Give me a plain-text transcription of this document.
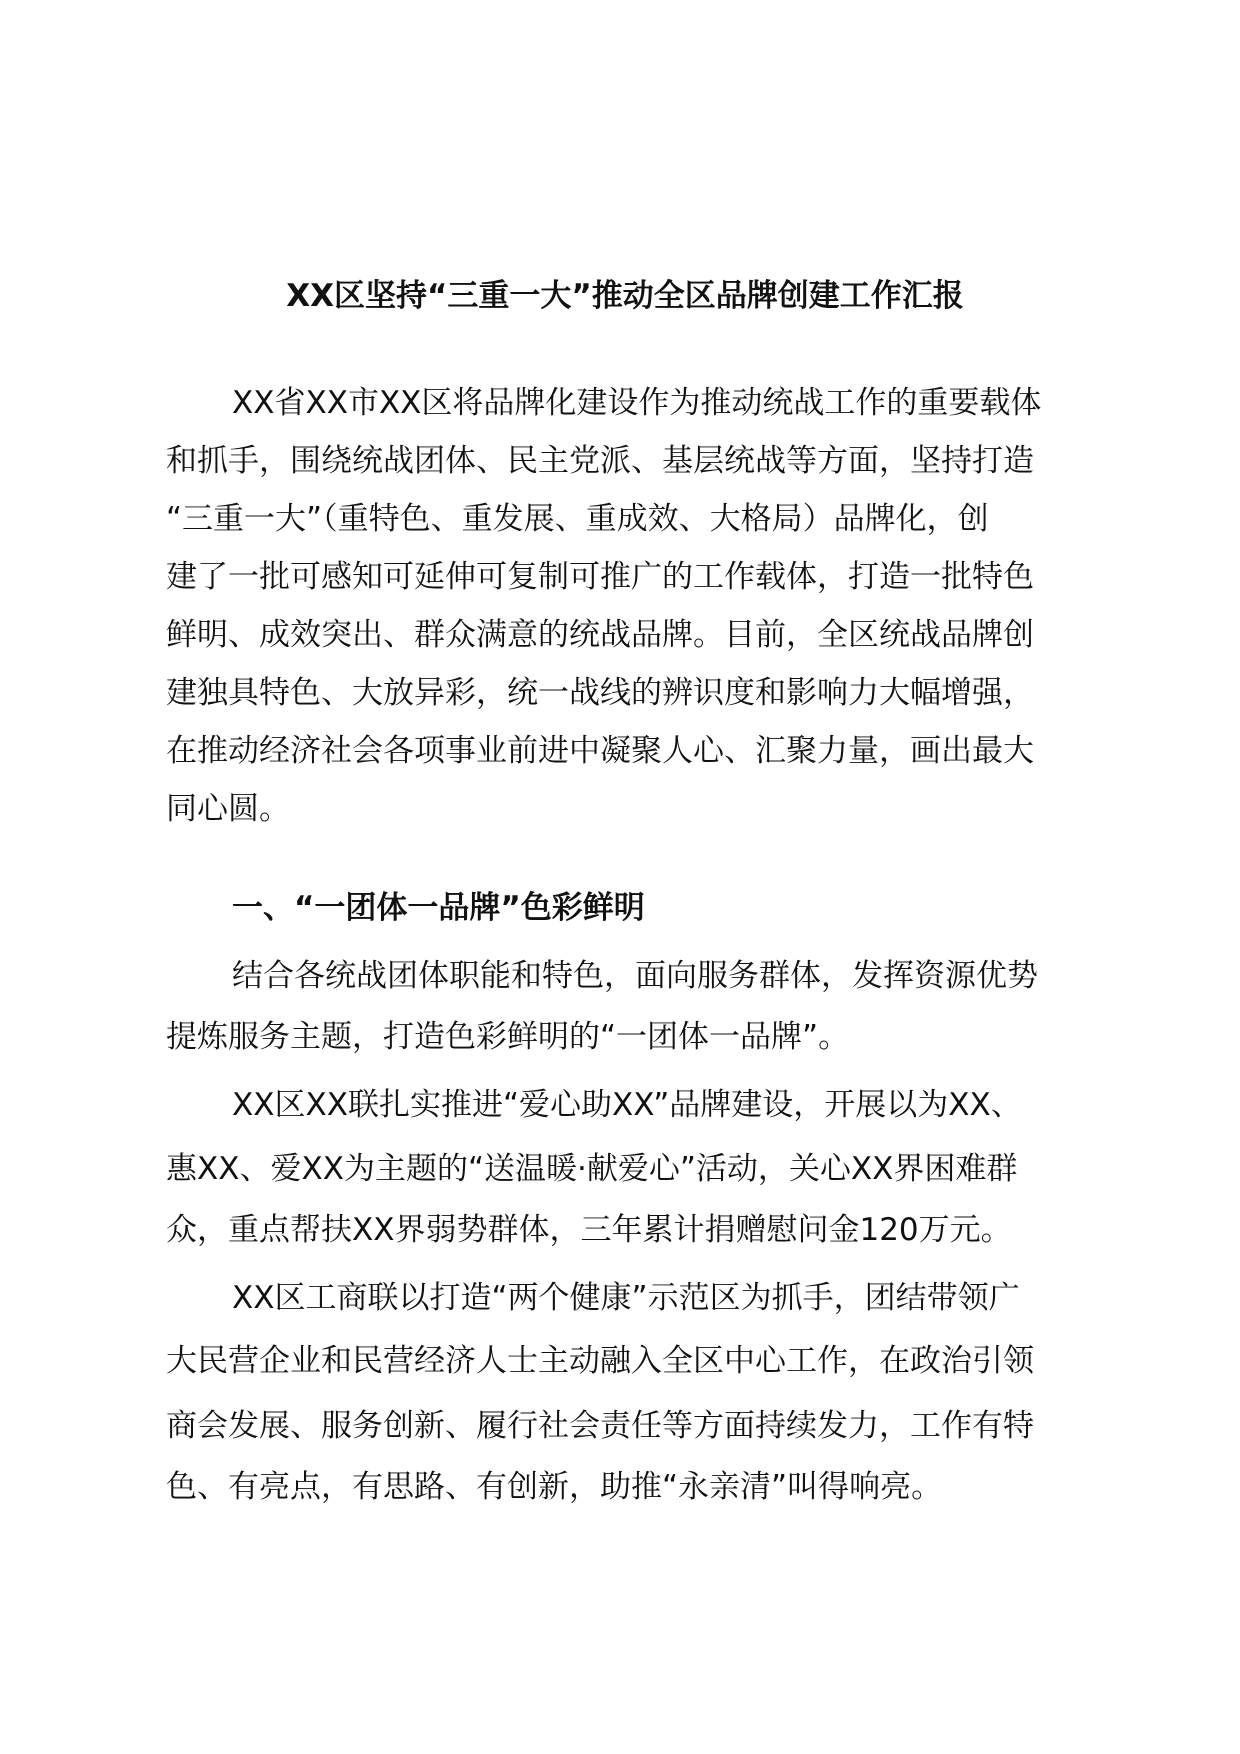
XX区坚持“三重一大”推动全区品牌创建工作汇报

XX省XX市XX区将品牌化建设作为推动统战工作的重要载体

和抓手，围绕统战团体、民主党派、基层统战等方面，坚持打造

“三重一大”（重特色、重发展、重成效、大格局）品牌化，创

建了一批可感知可延伸可复制可推广的工作载体，打造一批特色

鲜明、成效突出、群众满意的统战品牌。目前，全区统战品牌创

建独具特色、大放异彩，统一战线的辨识度和影响力大幅增强，

在推动经济社会各项事业前进中凝聚人心、汇聚力量，画出最大

同心圆。

一、“一团体一品牌”色彩鲜明

结合各统战团体职能和特色，面向服务群体，发挥资源优势

提炼服务主题，打造色彩鲜明的“一团体一品牌”。

XX区XX联扎实推进“爱心助XX”品牌建设，开展以为XX、

惠XX、爱XX为主题的“送温暖·献爱心”活动，关心XX界困难群

众，重点帮扶XX界弱势群体，三年累计捐赠慰问金120万元。

XX区工商联以打造“两个健康”示范区为抓手，团结带领广

大民营企业和民营经济人士主动融入全区中心工作，在政治引领

商会发展、服务创新、履行社会责任等方面持续发力，工作有特

色、有亮点，有思路、有创新，助推“永亲清”叫得响亮。
